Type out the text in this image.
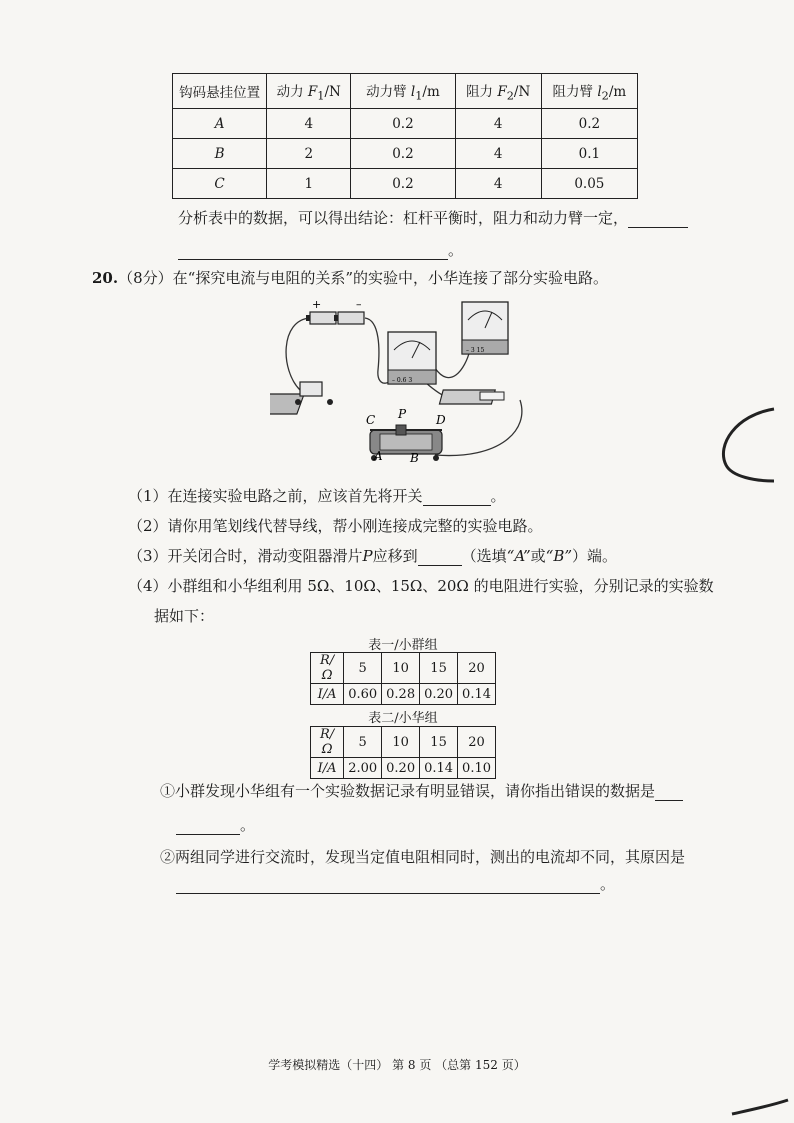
钩码悬挂位置	动力 $F_1/N$	动力臂 $l_1/m$	阻力 $F_2/N$	阻力臂 $l_2/m$
A	4	0.2	4	0.2
B	2	0.2	4	0.1
C	1	0.2	4	0.05
分析表中的数据，可以得出结论：杠杆平衡时，阻力和动力臂一定，
。
20.（8分）在“探究电流与电阻的关系”的实验中，小华连接了部分实验电路。
+	–
– 0.6 3
– 3 15
C P D
A B
（1）在连接实验电路之前，应该首先将开关	。
（2）请你用笔划线代替导线，帮小刚连接成完整的实验电路。
（3）开关闭合时，滑动变阻器滑片P应移到	（选填“A”或“B”）端。
（4）小群组和小华组利用 5Ω、10Ω、15Ω、20Ω 的电阻进行实验，分别记录的实验数
据如下：
表一/小群组
R/Ω	5	10	15	20
I/A	0.60	0.28	0.20	0.14
表二/小华组
R/Ω	5	10	15	20
I/A	2.00	0.20	0.14	0.10
①小群发现小华组有一个实验数据记录有明显错误，请你指出错误的数据是
。
②两组同学进行交流时，发现当定值电阻相同时，测出的电流却不同，其原因是
。
学考模拟精选（十四） 第 8 页 （总第 152 页）
